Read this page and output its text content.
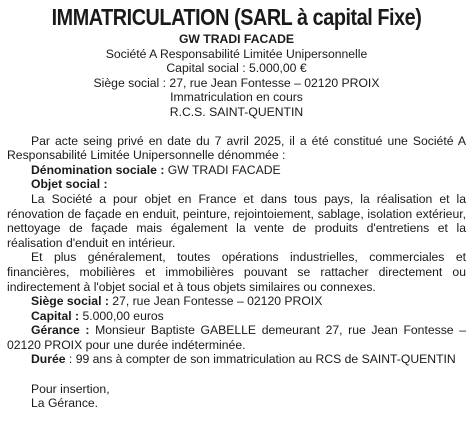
IMMATRICULATION (SARL à capital Fixe)
GW TRADI FACADE
Société A Responsabilité Limitée Unipersonnelle
Capital social : 5.000,00 €
Siège social : 27, rue Jean Fontesse – 02120 PROIX
Immatriculation en cours
R.C.S. SAINT-QUENTIN

Par acte seing privé en date du 7 avril 2025, il a été constitué une Société A Responsabilité Limitée Unipersonnelle dénommée :

Dénomination sociale : GW TRADI FACADE

Objet social :

La Société a pour objet en France et dans tous pays, la réalisation et la rénovation de façade en enduit, peinture, rejointoiement, sablage, isolation extérieur, nettoyage de façade mais également la vente de produits d'entretiens et la réalisation d'enduit en intérieur.

Et plus généralement, toutes opérations industrielles, commerciales et financières, mobilières et immobilières pouvant se rattacher directement ou indirectement à l'objet social et à tous objets similaires ou connexes.

Siège social : 27, rue Jean Fontesse – 02120 PROIX

Capital : 5.000,00 euros

Gérance : Monsieur Baptiste GABELLE demeurant 27, rue Jean Fontesse – 02120 PROIX pour une durée indéterminée.

Durée : 99 ans à compter de son immatriculation au RCS de SAINT-QUENTIN

Pour insertion,

La Gérance.
